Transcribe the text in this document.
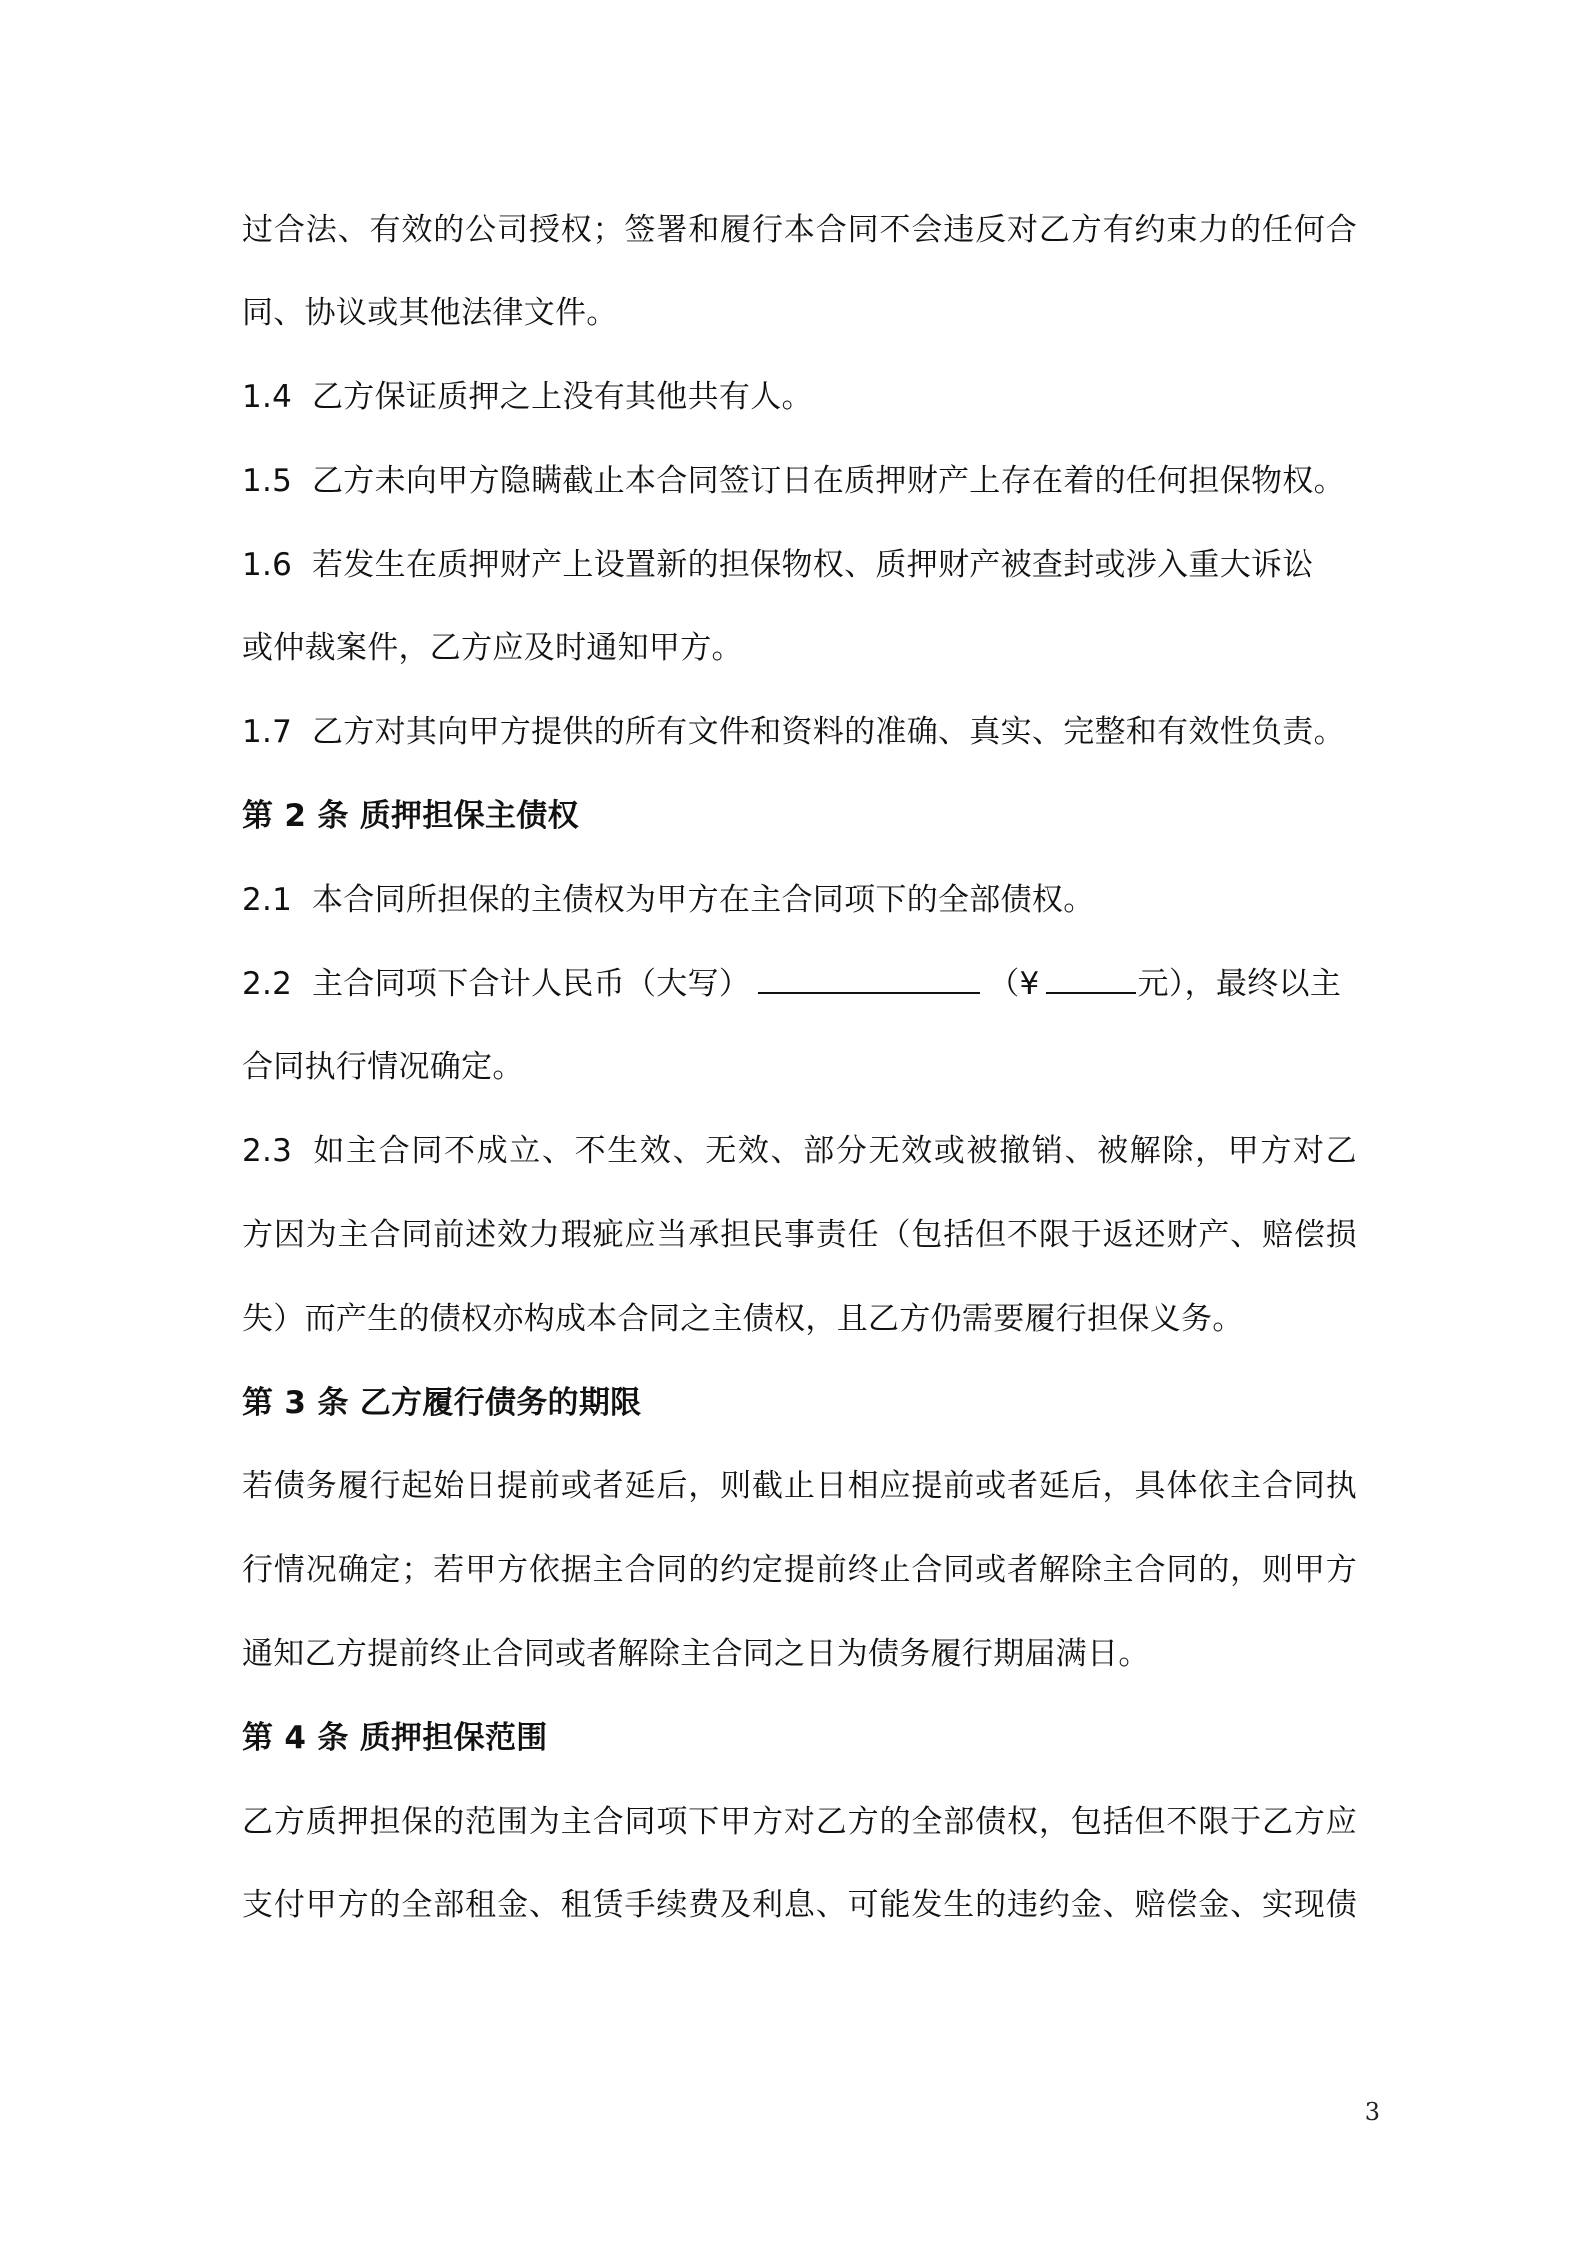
过合法、有效的公司授权；签署和履行本合同不会违反对乙方有约束力的任何合
同、协议或其他法律文件。
1.4 乙方保证质押之上没有其他共有人。
1.5 乙方未向甲方隐瞒截止本合同签订日在质押财产上存在着的任何担保物权。
1.6 若发生在质押财产上设置新的担保物权、质押财产被查封或涉入重大诉讼
或仲裁案件，乙方应及时通知甲方。
1.7 乙方对其向甲方提供的所有文件和资料的准确、真实、完整和有效性负责。
第 2 条 质押担保主债权
2.1 本合同所担保的主债权为甲方在主合同项下的全部债权。
2.2 主合同项下合计人民币（大写）	（¥	元），最终以主
合同执行情况确定。
2.3 如主合同不成立、不生效、无效、部分无效或被撤销、被解除，甲方对乙
方因为主合同前述效力瑕疵应当承担民事责任（包括但不限于返还财产、赔偿损
失）而产生的债权亦构成本合同之主债权，且乙方仍需要履行担保义务。
第 3 条 乙方履行债务的期限
若债务履行起始日提前或者延后，则截止日相应提前或者延后，具体依主合同执
行情况确定；若甲方依据主合同的约定提前终止合同或者解除主合同的，则甲方
通知乙方提前终止合同或者解除主合同之日为债务履行期届满日。
第 4 条 质押担保范围
乙方质押担保的范围为主合同项下甲方对乙方的全部债权，包括但不限于乙方应
支付甲方的全部租金、租赁手续费及利息、可能发生的违约金、赔偿金、实现债
3
